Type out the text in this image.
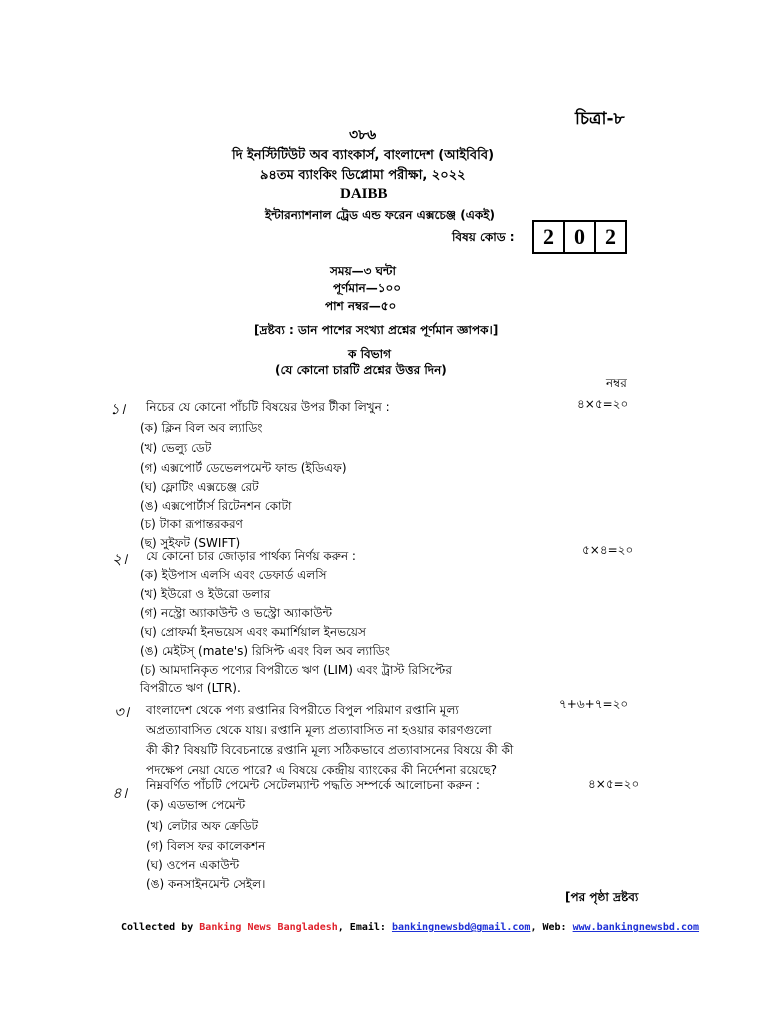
চিত্রা-৮
৩৮৬
দি ইনস্টিটিউট অব ব্যাংকার্স, বাংলাদেশ (আইবিবি)
৯৪তম ব্যাংকিং ডিপ্লোমা পরীক্ষা, ২০২২
DAIBB
ইন্টারন্যাশনাল ট্রেড এন্ড ফরেন এক্সচেঞ্জ (একই)
বিষয় কোড :	2 0 2
সময়—৩ ঘন্টা
পূর্ণমান—১০০
পাশ নম্বর—৫০
[দ্রষ্টব্য : ডান পাশের সংখ্যা প্রশ্নের পূর্ণমান জ্ঞাপক।]
ক বিভাগ
(যে কোনো চারটি প্রশ্নের উত্তর দিন)
নম্বর
১। নিচের যে কোনো পাঁচটি বিষয়ের উপর টীকা লিখুন :	৪×৫=২০
(ক) ক্লিন বিল অব ল্যাডিং
(খ) ভেল্যু ডেট
(গ) এক্সপোর্ট ডেভেলপমেন্ট ফান্ড (ইডিএফ)
(ঘ) ফ্লোটিং এক্সচেঞ্জ রেট
(ঙ) এক্সপোর্টার্স রিটেনশন কোটা
(চ) টাকা রূপান্তরকরণ
(ছ) সুইফট (SWIFT)
২। যে কোনো চার জোড়ার পার্থক্য নির্ণয় করুন :	৫×৪=২০
(ক) ইউপাস এলসি এবং ডেফার্ড এলসি
(খ) ইউরো ও ইউরো ডলার
(গ) নস্ট্রো অ্যাকাউন্ট ও ভস্ট্রো অ্যাকাউন্ট
(ঘ) প্রোফর্মা ইনভয়েস এবং কমার্শিয়াল ইনভয়েস
(ঙ) মেইটস্ (mate's) রিসিপ্ট এবং বিল অব ল্যাডিং
(চ) আমদানিকৃত পণ্যের বিপরীতে ঋণ (LIM) এবং ট্রাস্ট রিসিপ্টের
বিপরীতে ঋণ (LTR).
৩।	৭+৬+৭=২০
বাংলাদেশ থেকে পণ্য রপ্তানির বিপরীতে বিপুল পরিমাণ রপ্তানি মূল্য
অপ্রত্যাবাসিত থেকে যায়। রপ্তানি মূল্য প্রত্যাবাসিত না হওয়ার কারণগুলো
কী কী? বিষয়টি বিবেচনান্তে রপ্তানি মূল্য সঠিকভাবে প্রত্যাবাসনের বিষয়ে কী কী
পদক্ষেপ নেয়া যেতে পারে? এ বিষয়ে কেন্দ্রীয় ব্যাংকের কী নির্দেশনা রয়েছে?
৪। নিম্নবর্ণিত পাঁচটি পেমেন্ট সেটেলম্যান্ট পদ্ধতি সম্পর্কে আলোচনা করুন :	৪×৫=২০
(ক) এডভান্স পেমেন্ট
(খ) লেটার অফ ক্রেডিট
(গ) বিলস ফর কালেকশন
(ঘ) ওপেন একাউন্ট
(ঙ) কনসাইনমেন্ট সেইল।
[পর পৃষ্ঠা দ্রষ্টব্য
Collected by Banking News Bangladesh, Email: bankingnewsbd@gmail.com, Web: www.bankingnewsbd.com
